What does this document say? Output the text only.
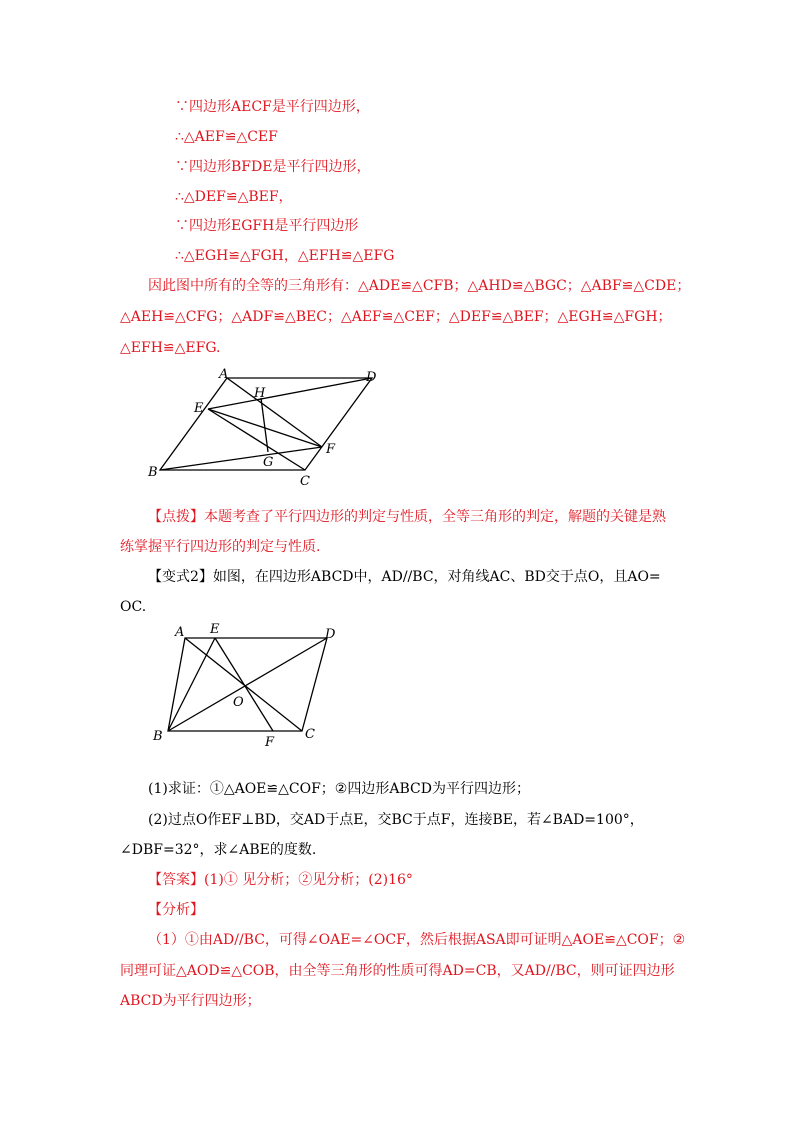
∵四边形AECF是平行四边形，
∴△AEF≌△CEF
∵四边形BFDE是平行四边形，
∴△DEF≌△BEF，
∵四边形EGFH是平行四边形
∴△EGH≌△FGH，△EFH≌△EFG
因此图中所有的全等的三角形有：△ADE≌△CFB；△AHD≌△BGC；△ABF≌△CDE；
△AEH≌△CFG；△ADF≌△BEC；△AEF≌△CEF；△DEF≌△BEF；△EGH≌△FGH；
△EFH≌△EFG.
A	D
H
E
F
G
B
C
【点拨】本题考查了平行四边形的判定与性质，全等三角形的判定，解题的关键是熟
练掌握平行四边形的判定与性质.
【变式2】如图，在四边形ABCD中，AD//BC，对角线AC、BD交于点O，且AO=
OC.
A E	D
O
B	F
C
(1)求证：①△AOE≌△COF；②四边形ABCD为平行四边形；
(2)过点O作EF⊥BD，交AD于点E，交BC于点F，连接BE，若∠BAD=100°，
∠DBF=32°，求∠ABE的度数.
【答案】(1)① 见分析；②见分析；(2)16°
【分析】
（1）①由AD//BC，可得∠OAE=∠OCF，然后根据ASA即可证明△AOE≌△COF；②
同理可证△AOD≌△COB，由全等三角形的性质可得AD=CB，又AD//BC，则可证四边形
ABCD为平行四边形；
